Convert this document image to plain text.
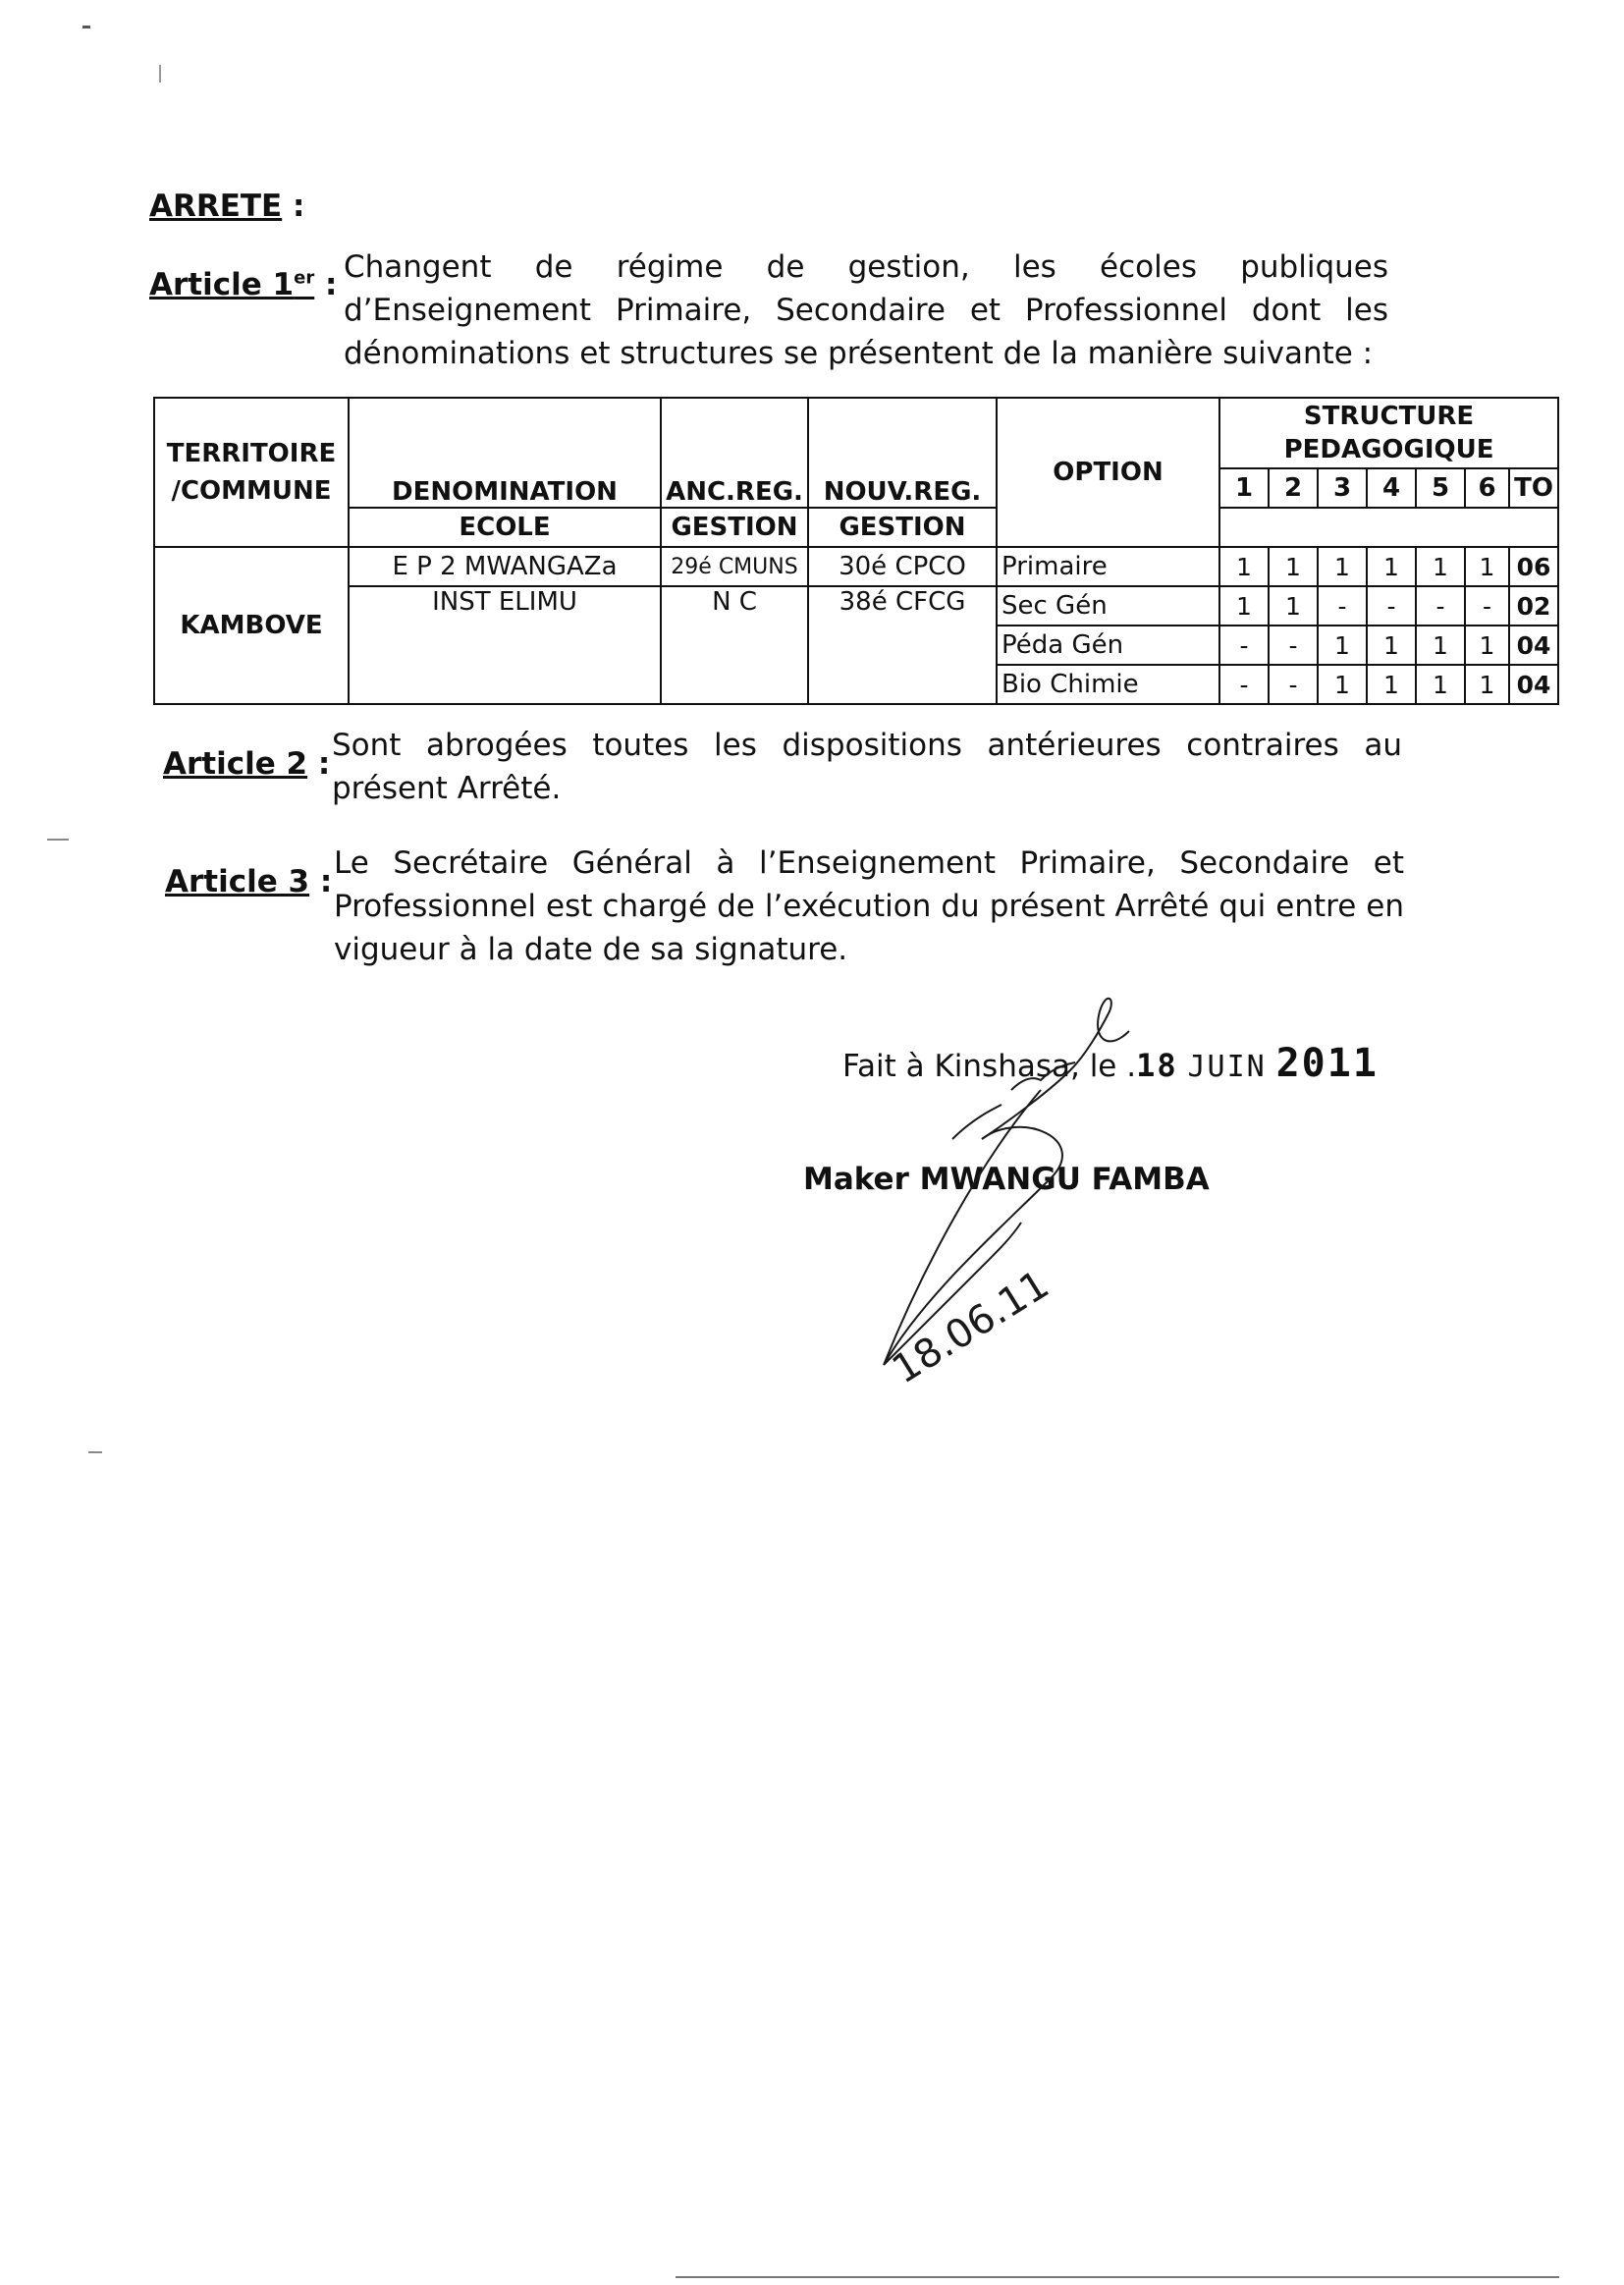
ARRETE :
Article 1er : Changent de régime de gestion, les écoles publiques d’Enseignement Primaire, Secondaire et Professionnel dont les dénominations et structures se présentent de la manière suivante :

TERRITOIRE /COMMUNE	DENOMINATION	ANC.REG.	NOUV.REG.	OPTION	STRUCTURE PEDAGOGIQUE						
					1	2	3	4	5	6	TO
	ECOLE	GESTION	GESTION								
KAMBOVE	E P 2 MWANGAZa	29é CMUNS	30é CPCO	Primaire	1	1	1	1	1	1	06
	INST ELIMU	N C	38é CFCG	Sec Gén	1	1	-	-	-	-	02
				Péda Gén	-	-	1	1	1	1	04
				Bio Chimie	-	-	1	1	1	1	04
Article 2 :

Sont abrogées toutes les dispositions antérieures contraires au présent Arrêté.

Article 3 :

Le Secrétaire Général à l’Enseignement Primaire, Secondaire et Professionnel est chargé de l’exécution du présent Arrêté qui entre en vigueur à la date de sa signature.

Fait à Kinshasa, le .18 JUIN 2011
Maker MWANGU FAMBA
18.06.11
